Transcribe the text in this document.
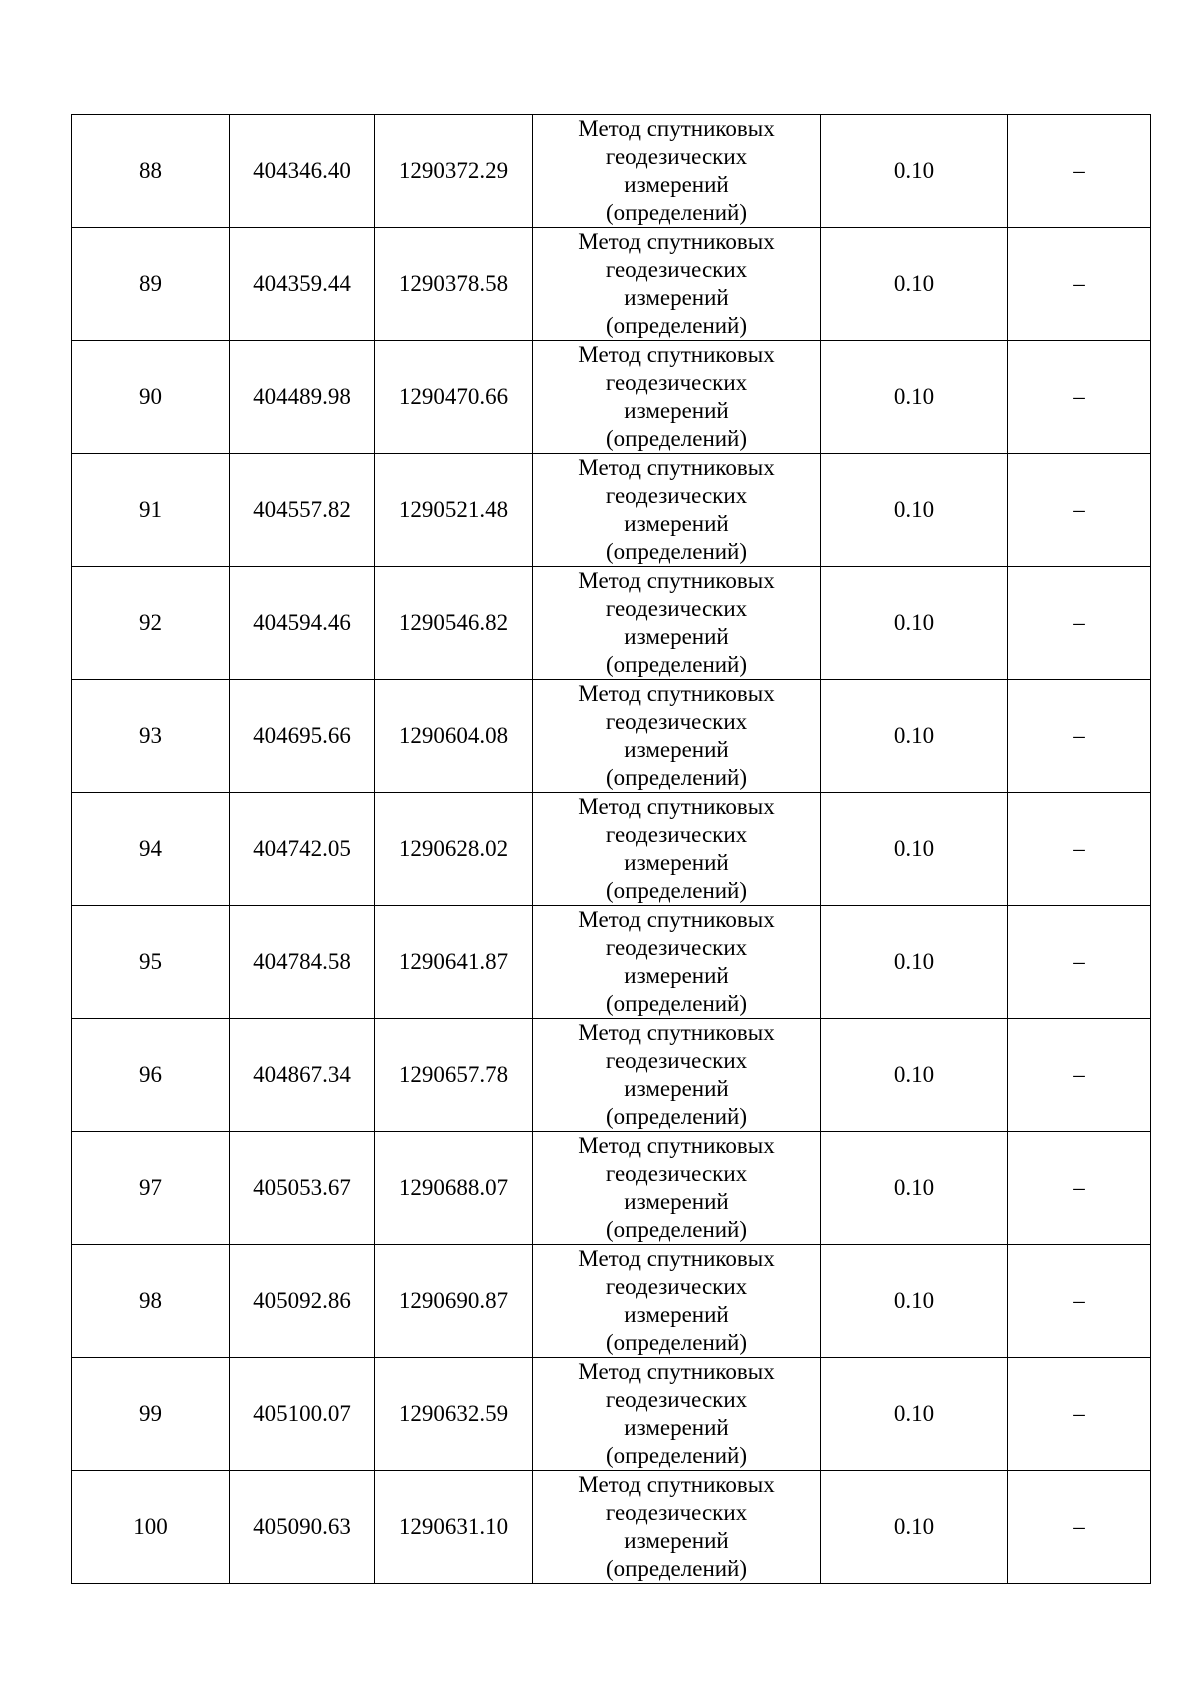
88	404346.40	1290372.29	Метод спутниковых
геодезических
измерений
(определений)	0.10	–
89	404359.44	1290378.58	Метод спутниковых
геодезических
измерений
(определений)	0.10	–
90	404489.98	1290470.66	Метод спутниковых
геодезических
измерений
(определений)	0.10	–
91	404557.82	1290521.48	Метод спутниковых
геодезических
измерений
(определений)	0.10	–
92	404594.46	1290546.82	Метод спутниковых
геодезических
измерений
(определений)	0.10	–
93	404695.66	1290604.08	Метод спутниковых
геодезических
измерений
(определений)	0.10	–
94	404742.05	1290628.02	Метод спутниковых
геодезических
измерений
(определений)	0.10	–
95	404784.58	1290641.87	Метод спутниковых
геодезических
измерений
(определений)	0.10	–
96	404867.34	1290657.78	Метод спутниковых
геодезических
измерений
(определений)	0.10	–
97	405053.67	1290688.07	Метод спутниковых
геодезических
измерений
(определений)	0.10	–
98	405092.86	1290690.87	Метод спутниковых
геодезических
измерений
(определений)	0.10	–
99	405100.07	1290632.59	Метод спутниковых
геодезических
измерений
(определений)	0.10	–
100	405090.63	1290631.10	Метод спутниковых
геодезических
измерений
(определений)	0.10	–
